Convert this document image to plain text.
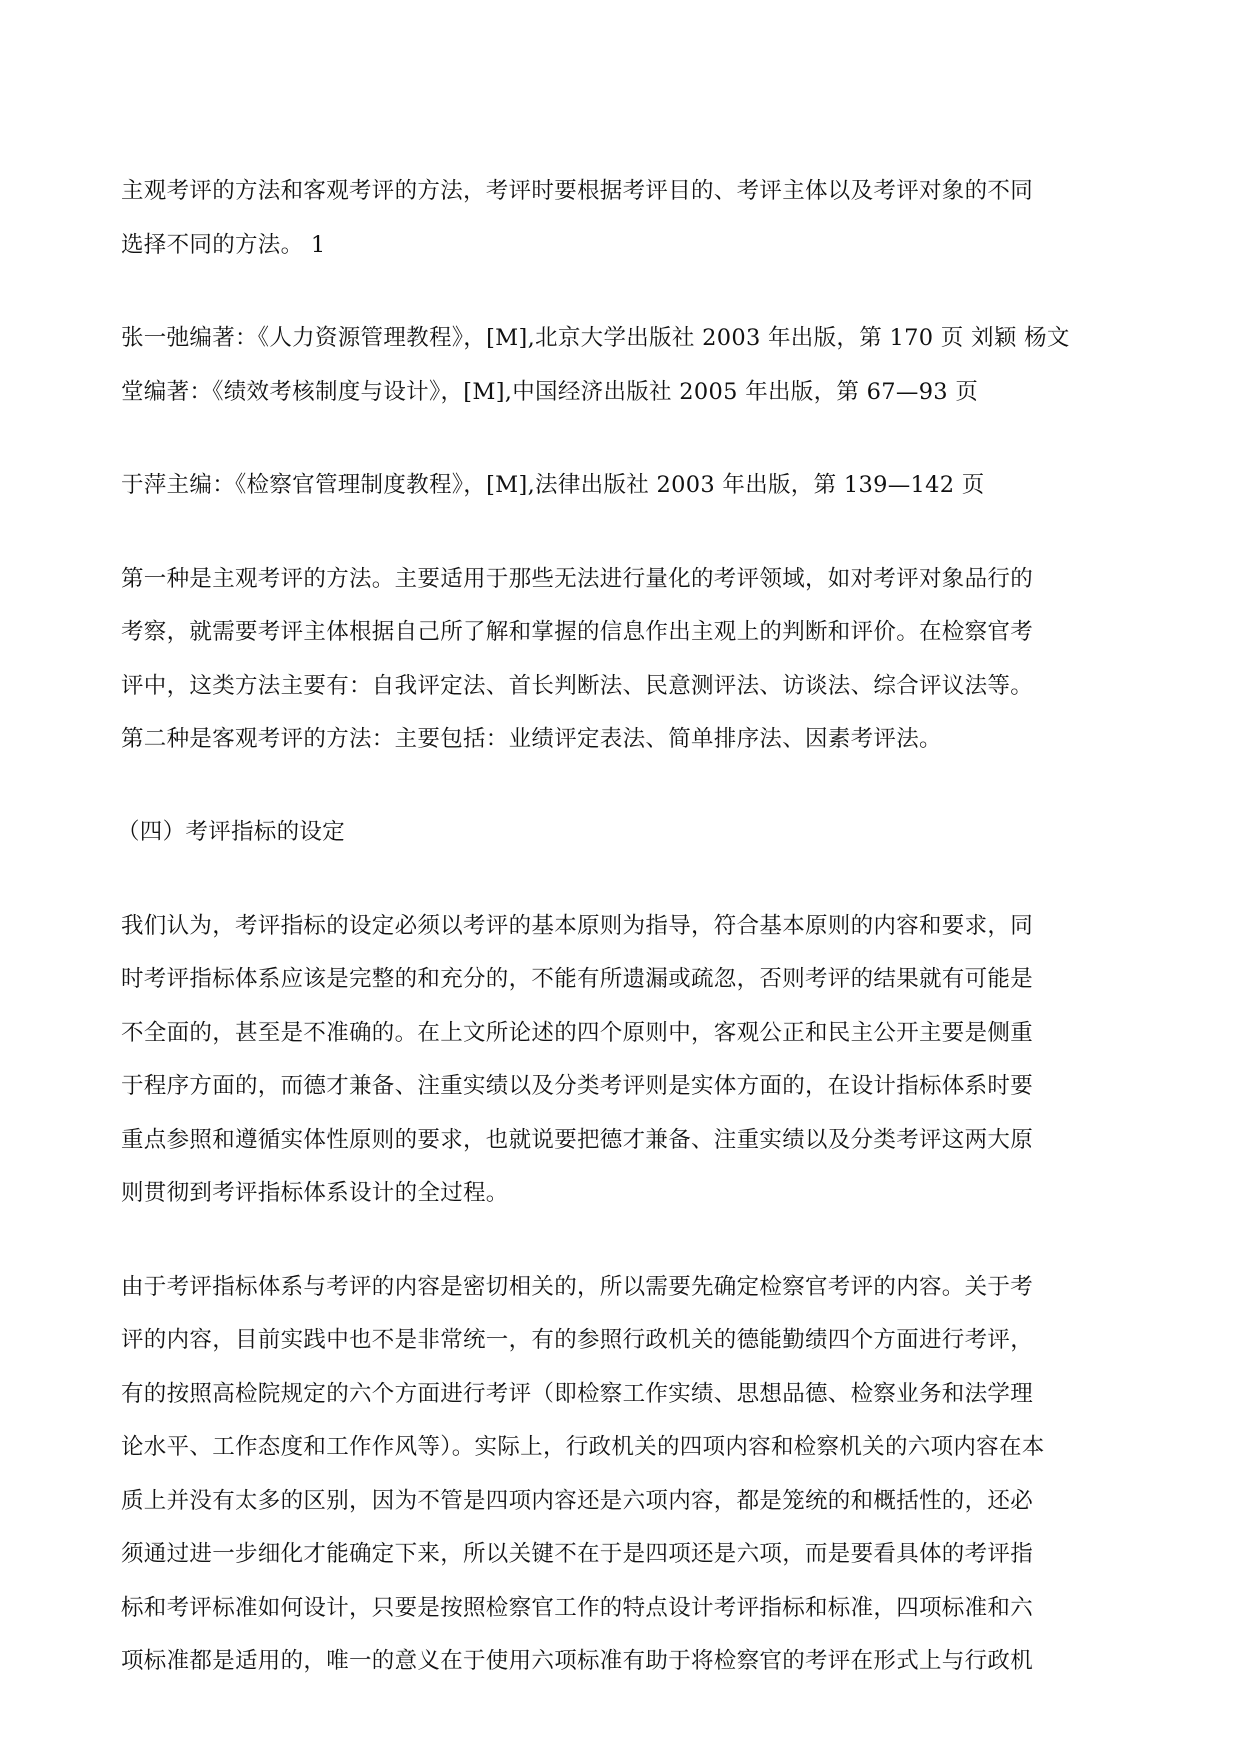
主观考评的方法和客观考评的方法，考评时要根据考评目的、考评主体以及考评对象的不同
选择不同的方法。 1
张一弛编著：《人力资源管理教程》，[M],北京大学出版社 2003 年出版，第 170 页 刘颖 杨文
堂编著：《绩效考核制度与设计》，[M],中国经济出版社 2005 年出版，第 67—93 页
于萍主编：《检察官管理制度教程》，[M],法律出版社 2003 年出版，第 139—142 页
第一种是主观考评的方法。主要适用于那些无法进行量化的考评领域，如对考评对象品行的
考察，就需要考评主体根据自己所了解和掌握的信息作出主观上的判断和评价。在检察官考
评中，这类方法主要有：自我评定法、首长判断法、民意测评法、访谈法、综合评议法等。
第二种是客观考评的方法：主要包括：业绩评定表法、简单排序法、因素考评法。
（四）考评指标的设定
我们认为，考评指标的设定必须以考评的基本原则为指导，符合基本原则的内容和要求，同
时考评指标体系应该是完整的和充分的，不能有所遗漏或疏忽，否则考评的结果就有可能是
不全面的，甚至是不准确的。在上文所论述的四个原则中，客观公正和民主公开主要是侧重
于程序方面的，而德才兼备、注重实绩以及分类考评则是实体方面的，在设计指标体系时要
重点参照和遵循实体性原则的要求，也就说要把德才兼备、注重实绩以及分类考评这两大原
则贯彻到考评指标体系设计的全过程。
由于考评指标体系与考评的内容是密切相关的，所以需要先确定检察官考评的内容。关于考
评的内容，目前实践中也不是非常统一，有的参照行政机关的德能勤绩四个方面进行考评，
有的按照高检院规定的六个方面进行考评（即检察工作实绩、思想品德、检察业务和法学理
论水平、工作态度和工作作风等）。实际上，行政机关的四项内容和检察机关的六项内容在本
质上并没有太多的区别，因为不管是四项内容还是六项内容，都是笼统的和概括性的，还必
须通过进一步细化才能确定下来，所以关键不在于是四项还是六项，而是要看具体的考评指
标和考评标准如何设计，只要是按照检察官工作的特点设计考评指标和标准，四项标准和六
项标准都是适用的，唯一的意义在于使用六项标准有助于将检察官的考评在形式上与行政机
